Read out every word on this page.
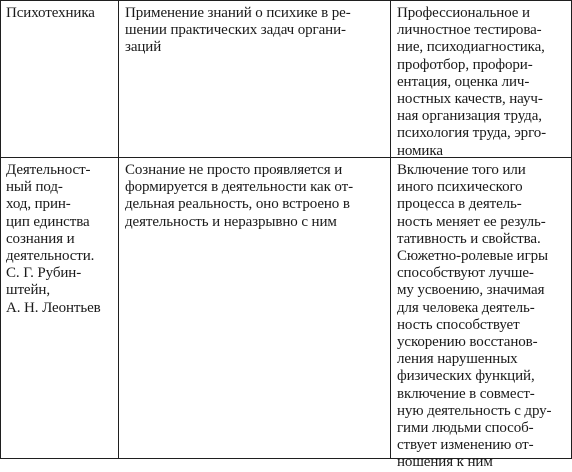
Психотехника	Применение знаний о психике в ре-
шении практических задач органи-
заций
Профессиональное и
личностное тестирова-
ние, психодиагностика,
профотбор, профори-
ентация, оценка лич-
ностных качеств, науч-
ная организация труда,
психология труда, эрго-
номика
Деятельност-
ный под-
ход, прин-
цип единства
сознания и
деятельности.
С. Г. Рубин-
штейн,
А. Н. Леонтьев
Сознание не просто проявляется и
формируется в деятельности как от-
дельная реальность, оно встроено в
деятельность и неразрывно с ним
Включение того или
иного психического
процесса в деятель-
ность меняет ее резуль-
тативность и свойства.
Сюжетно-ролевые игры
способствуют лучше-
му усвоению, значимая
для человека деятель-
ность способствует
ускорению восстанов-
ления нарушенных
физических функций,
включение в совмест-
ную деятельность с дру-
гими людьми способ-
ствует изменению от-
ношения к ним
